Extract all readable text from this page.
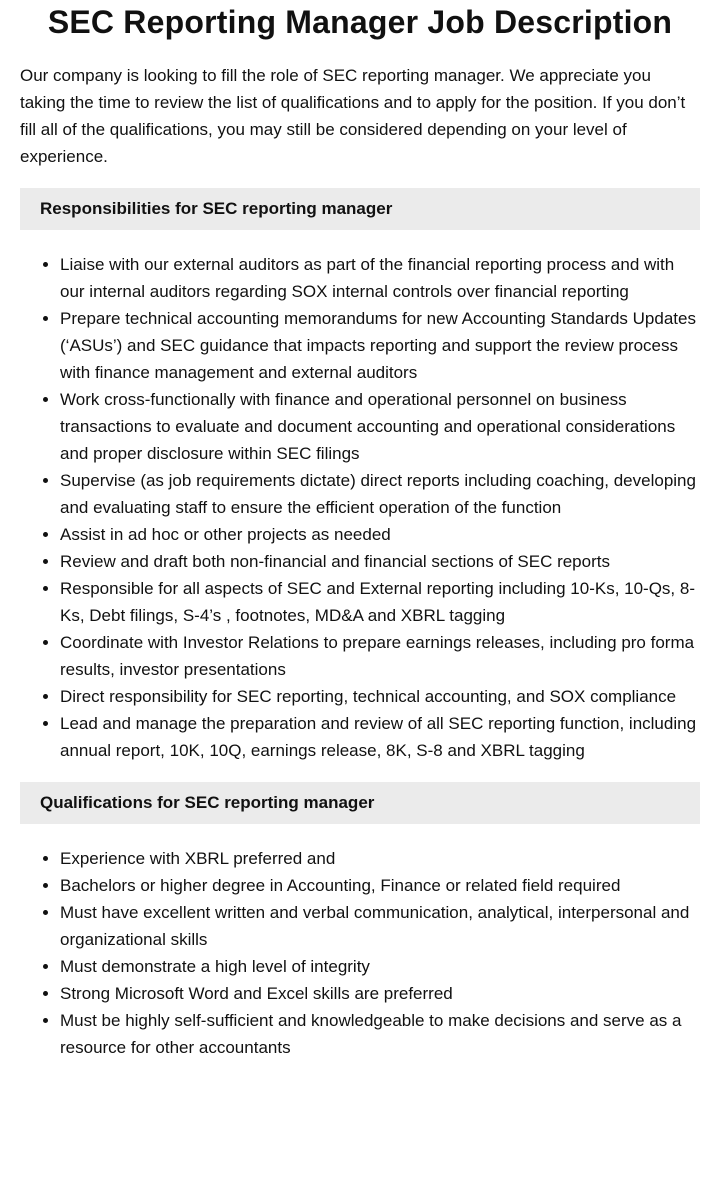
SEC Reporting Manager Job Description

Our company is looking to fill the role of SEC reporting manager. We appreciate you taking the time to review the list of qualifications and to apply for the position. If you don’t fill all of the qualifications, you may still be considered depending on your level of experience.

Responsibilities for SEC reporting manager
• Liaise with our external auditors as part of the financial reporting process and with our internal auditors regarding SOX internal controls over financial reporting
• Prepare technical accounting memorandums for new Accounting Standards Updates (‘ASUs’) and SEC guidance that impacts reporting and support the review process with finance management and external auditors
• Work cross-functionally with finance and operational personnel on business transactions to evaluate and document accounting and operational considerations and proper disclosure within SEC filings
• Supervise (as job requirements dictate) direct reports including coaching, developing and evaluating staff to ensure the efficient operation of the function
• Assist in ad hoc or other projects as needed
• Review and draft both non-financial and financial sections of SEC reports
• Responsible for all aspects of SEC and External reporting including 10-Ks, 10-Qs, 8-Ks, Debt filings, S-4’s , footnotes, MD&A and XBRL tagging
• Coordinate with Investor Relations to prepare earnings releases, including pro forma results, investor presentations
• Direct responsibility for SEC reporting, technical accounting, and SOX compliance
• Lead and manage the preparation and review of all SEC reporting function, including annual report, 10K, 10Q, earnings release, 8K, S-8 and XBRL tagging
Qualifications for SEC reporting manager
• Experience with XBRL preferred and
• Bachelors or higher degree in Accounting, Finance or related field required
• Must have excellent written and verbal communication, analytical, interpersonal and organizational skills
• Must demonstrate a high level of integrity
• Strong Microsoft Word and Excel skills are preferred
• Must be highly self-sufficient and knowledgeable to make decisions and serve as a resource for other accountants
